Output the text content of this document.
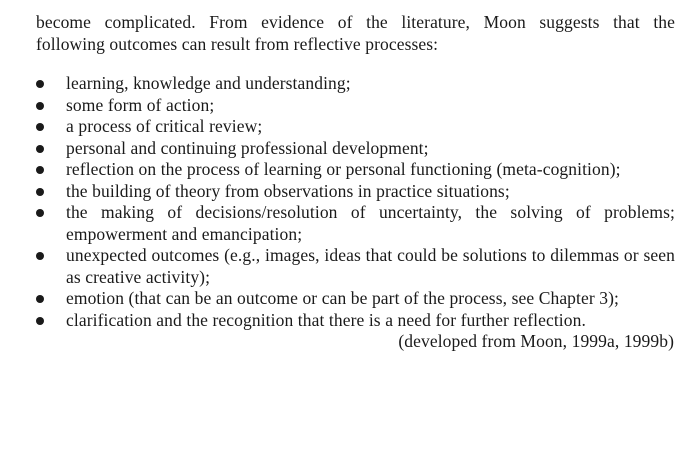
become complicated. From evidence of the literature, Moon suggests that the
following outcomes can result from reflective processes:

learning, knowledge and understanding;
some form of action;
a process of critical review;
personal and continuing professional development;
reflection on the process of learning or personal functioning (meta-cognition);
the building of theory from observations in practice situations;
the making of decisions/resolution of uncertainty, the solving of problems; empowerment and emancipation;
unexpected outcomes (e.g., images, ideas that could be solutions to dilemmas or seen as creative activity);
emotion (that can be an outcome or can be part of the process, see Chapter 3);
clarification and the recognition that there is a need for further reflection.

(developed from Moon, 1999a, 1999b)
